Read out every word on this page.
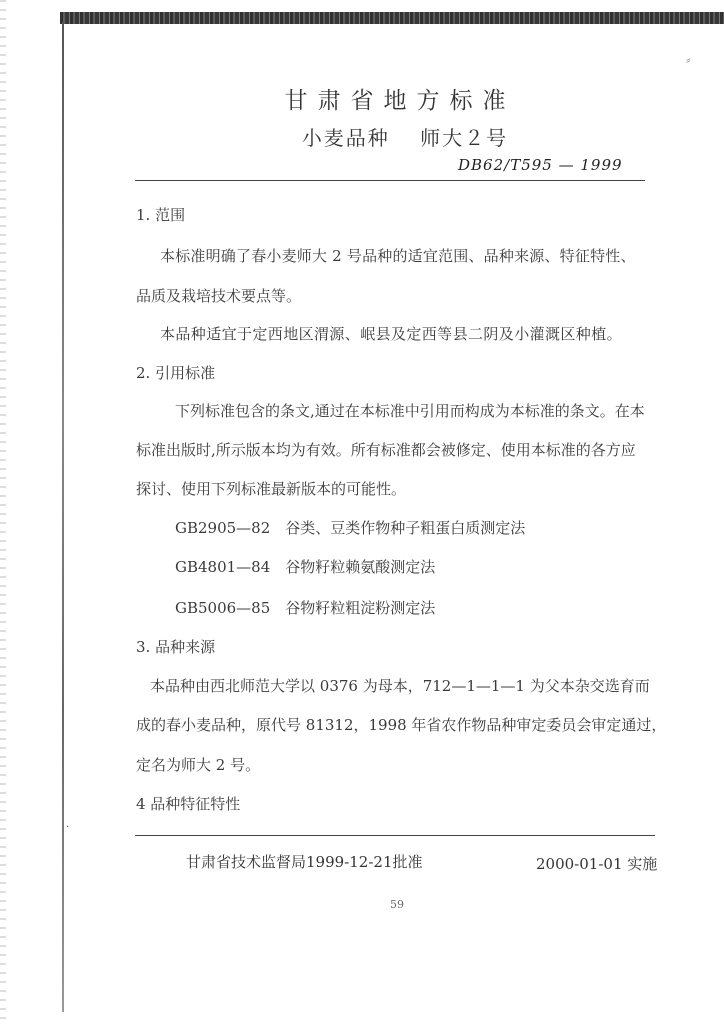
⸗
甘肃省地方标准
小麦品种　 师大２号
DB62/T595 — 1999
1. 范围
本标准明确了春小麦师大 2 号品种的适宜范围、品种来源、特征特性、
品质及栽培技术要点等。
本品种适宜于定西地区渭源、岷县及定西等县二阴及小灌溉区种植。
2. 引用标准
下列标准包含的条文,通过在本标准中引用而构成为本标准的条文。在本
标准出版时,所示版本均为有效。所有标准都会被修定、使用本标准的各方应
探讨、使用下列标准最新版本的可能性。
GB2905—82　谷类、豆类作物种子粗蛋白质测定法
GB4801—84　谷物籽粒赖氨酸测定法
GB5006—85　谷物籽粒粗淀粉测定法
3. 品种来源
本品种由西北师范大学以 0376 为母本，712—1—1—1 为父本杂交选育而
成的春小麦品种，原代号 81312，1998 年省农作物品种审定委员会审定通过，
定名为师大 2 号。
4 品种特征特性
·
甘肃省技术监督局1999-12-21批准	2000-01-01 实施
59
